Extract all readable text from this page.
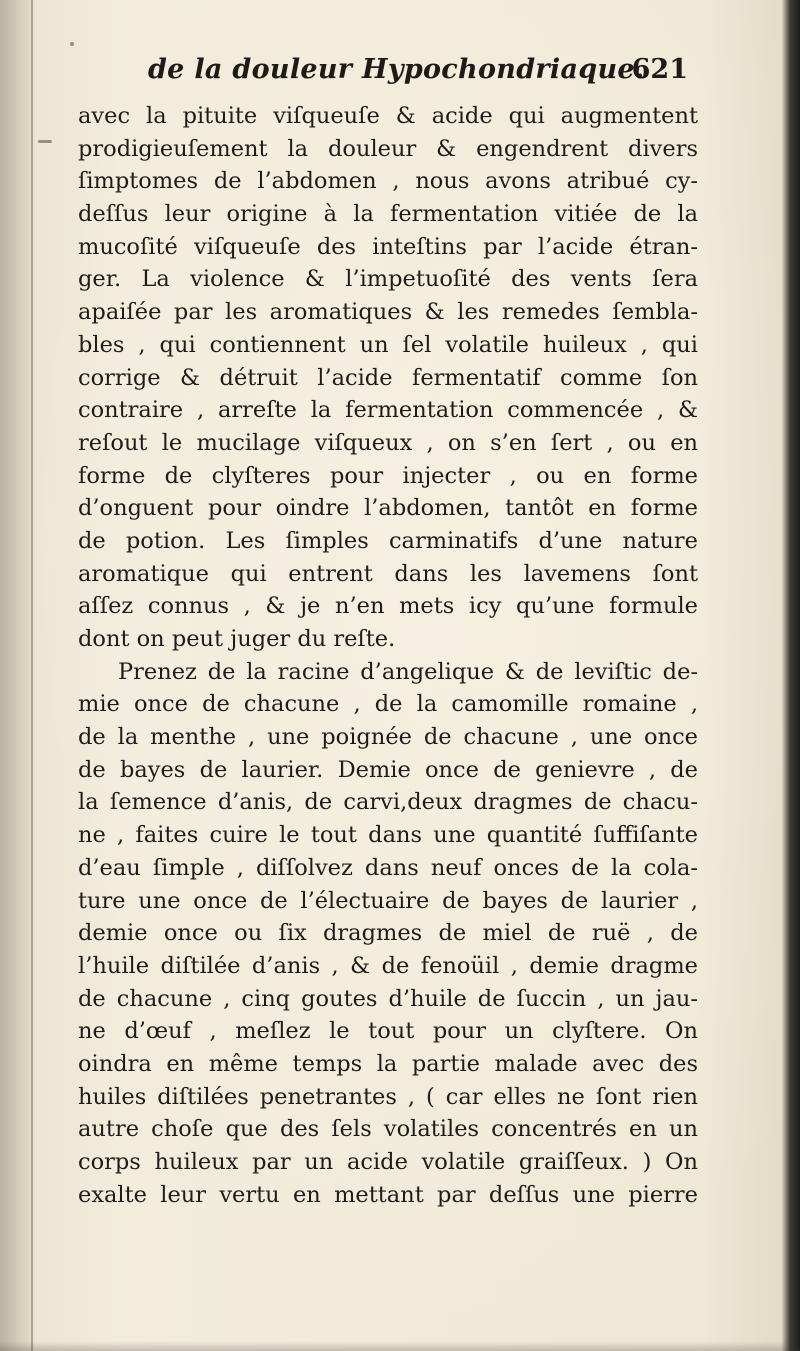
de la douleur Hypochondriaque.
621
avec la pituite viſqueuſe & acide qui augmentent
prodigieuſement la douleur & engendrent divers
ſimptomes de l’abdomen , nous avons atribué cy-
deſſus leur origine à la fermentation vitiée de la
mucoſité viſqueuſe des inteſtins par l’acide étran-
ger. La violence & l’impetuoſité des vents ſera
apaiſée par les aromatiques & les remedes ſembla-
bles , qui contiennent un ſel volatile huileux , qui
corrige & détruit l’acide fermentatif comme ſon
contraire , arreſte la fermentation commencée , &
reſout le mucilage viſqueux , on s’en ſert , ou en
forme de clyſteres pour injecter , ou en forme
d’onguent pour oindre l’abdomen, tantôt en forme
de potion. Les ſimples carminatifs d’une nature
aromatique qui entrent dans les lavemens ſont
aſſez connus , & je n’en mets icy qu’une formule
dont on peut juger du reſte.
Prenez de la racine d’angelique & de leviſtic de-
mie once de chacune , de la camomille romaine ,
de la menthe , une poignée de chacune , une once
de bayes de laurier. Demie once de genievre , de
la ſemence d’anis, de carvi,deux dragmes de chacu-
ne , faites cuire le tout dans une quantité ſuffiſante
d’eau ſimple , diſſolvez dans neuf onces de la cola-
ture une once de l’électuaire de bayes de laurier ,
demie once ou ſix dragmes de miel de ruë , de
l’huile diſtilée d’anis , & de fenoüil , demie dragme
de chacune , cinq goutes d’huile de ſuccin , un jau-
ne d’œuf , meſlez le tout pour un clyſtere. On
oindra en même temps la partie malade avec des
huiles diſtilées penetrantes , ( car elles ne ſont rien
autre choſe que des ſels volatiles concentrés en un
corps huileux par un acide volatile graiſſeux. ) On
exalte leur vertu en mettant par deſſus une pierre
